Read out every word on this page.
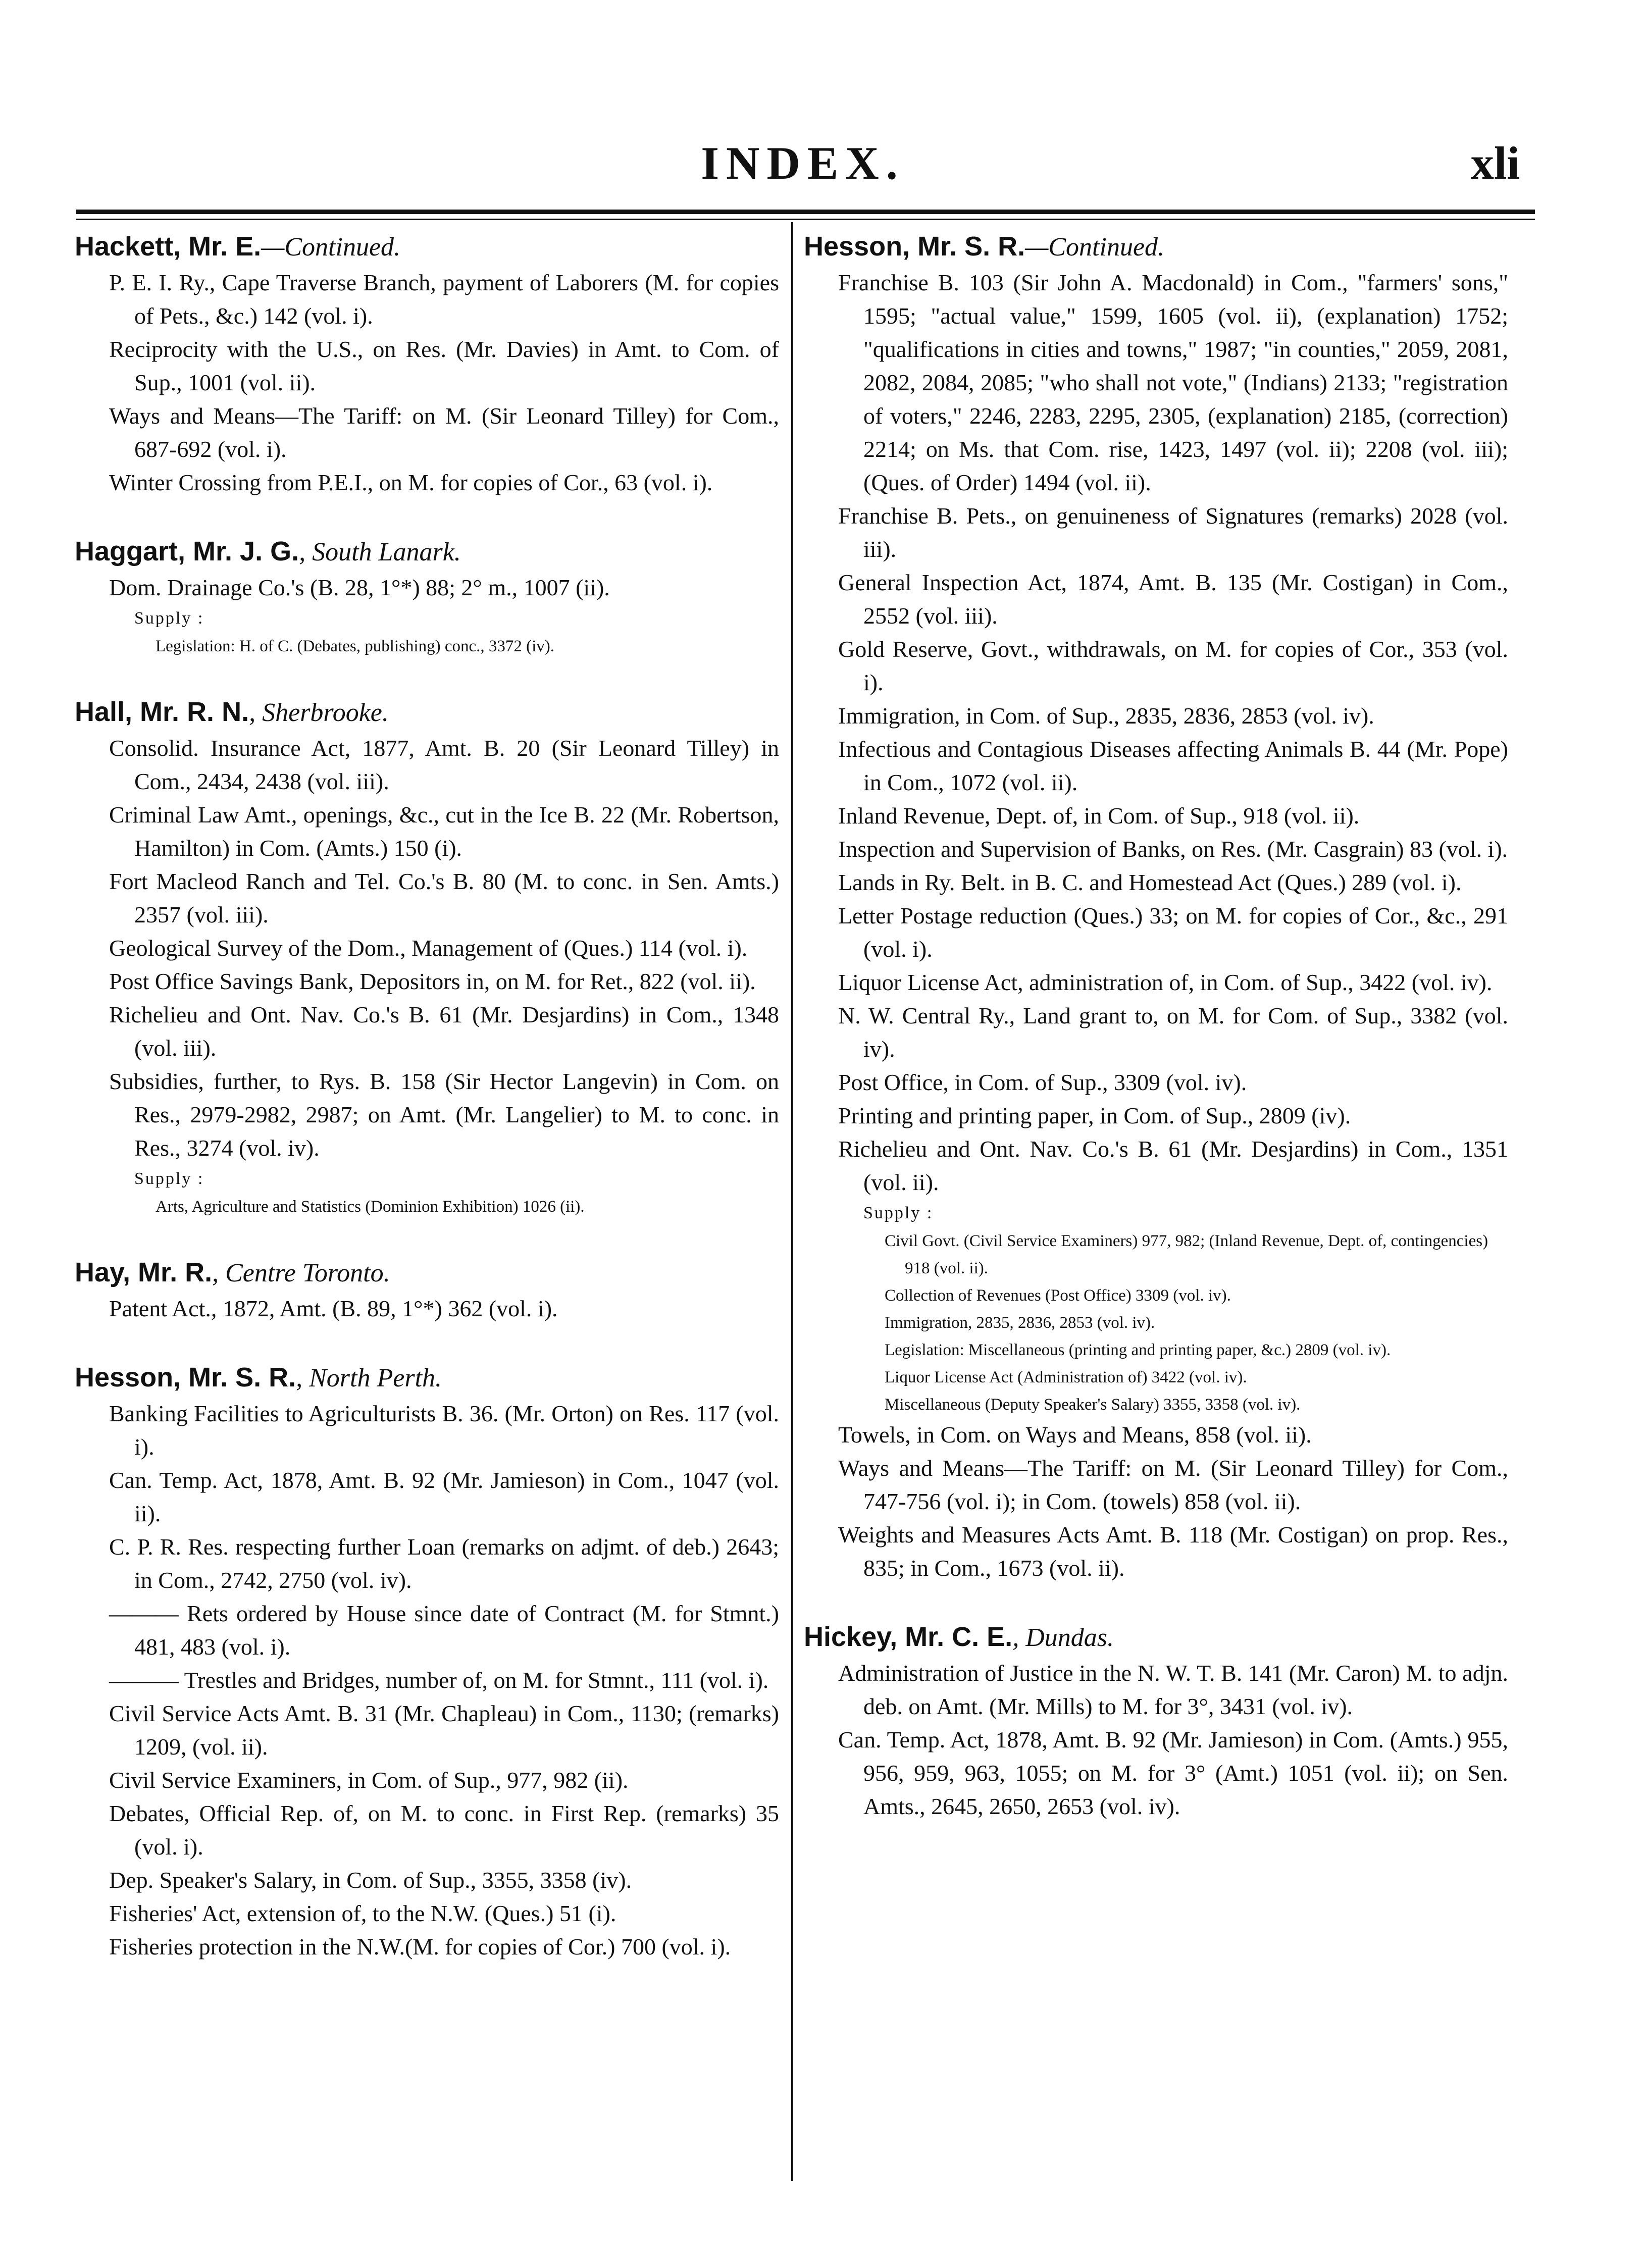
INDEX.	xli
Hackett, Mr. E.—Continued.
P. E. I. Ry., Cape Traverse Branch, payment of Laborers (M. for copies of Pets., &c.) 142 (vol. i).
Reciprocity with the U.S., on Res. (Mr. Davies) in Amt. to Com. of Sup., 1001 (vol. ii).
Ways and Means—The Tariff: on M. (Sir Leonard Tilley) for Com., 687-692 (vol. i).
Winter Crossing from P.E.I., on M. for copies of Cor., 63 (vol. i).
Haggart, Mr. J. G., South Lanark.
Dom. Drainage Co.'s (B. 28, 1°*) 88; 2° m., 1007 (ii).
Supply :
Legislation: H. of C. (Debates, publishing) conc., 3372 (iv).
Hall, Mr. R. N., Sherbrooke.
Consolid. Insurance Act, 1877, Amt. B. 20 (Sir Leonard Tilley) in Com., 2434, 2438 (vol. iii).
Criminal Law Amt., openings, &c., cut in the Ice B. 22 (Mr. Robertson, Hamilton) in Com. (Amts.) 150 (i).
Fort Macleod Ranch and Tel. Co.'s B. 80 (M. to conc. in Sen. Amts.) 2357 (vol. iii).
Geological Survey of the Dom., Management of (Ques.) 114 (vol. i).
Post Office Savings Bank, Depositors in, on M. for Ret., 822 (vol. ii).
Richelieu and Ont. Nav. Co.'s B. 61 (Mr. Desjardins) in Com., 1348 (vol. iii).
Subsidies, further, to Rys. B. 158 (Sir Hector Langevin) in Com. on Res., 2979-2982, 2987; on Amt. (Mr. Langelier) to M. to conc. in Res., 3274 (vol. iv).
Supply :
Arts, Agriculture and Statistics (Dominion Exhibition) 1026 (ii).
Hay, Mr. R., Centre Toronto.
Patent Act., 1872, Amt. (B. 89, 1°*) 362 (vol. i).
Hesson, Mr. S. R., North Perth.
Banking Facilities to Agriculturists B. 36. (Mr. Orton) on Res. 117 (vol. i).
Can. Temp. Act, 1878, Amt. B. 92 (Mr. Jamieson) in Com., 1047 (vol. ii).
C. P. R. Res. respecting further Loan (remarks on adjmt. of deb.) 2643; in Com., 2742, 2750 (vol. iv).
——— Rets ordered by House since date of Contract (M. for Stmnt.) 481, 483 (vol. i).
——— Trestles and Bridges, number of, on M. for Stmnt., 111 (vol. i).
Civil Service Acts Amt. B. 31 (Mr. Chapleau) in Com., 1130; (remarks) 1209, (vol. ii).
Civil Service Examiners, in Com. of Sup., 977, 982 (ii).
Debates, Official Rep. of, on M. to conc. in First Rep. (remarks) 35 (vol. i).
Dep. Speaker's Salary, in Com. of Sup., 3355, 3358 (iv).
Fisheries' Act, extension of, to the N.W. (Ques.) 51 (i).
Fisheries protection in the N.W.(M. for copies of Cor.) 700 (vol. i).
Hesson, Mr. S. R.—Continued.
Franchise B. 103 (Sir John A. Macdonald) in Com., "farmers' sons," 1595; "actual value," 1599, 1605 (vol. ii), (explanation) 1752; "qualifications in cities and towns," 1987; "in counties," 2059, 2081, 2082, 2084, 2085; "who shall not vote," (Indians) 2133; "registration of voters," 2246, 2283, 2295, 2305, (explanation) 2185, (correction) 2214; on Ms. that Com. rise, 1423, 1497 (vol. ii); 2208 (vol. iii); (Ques. of Order) 1494 (vol. ii).
Franchise B. Pets., on genuineness of Signatures (remarks) 2028 (vol. iii).
General Inspection Act, 1874, Amt. B. 135 (Mr. Costigan) in Com., 2552 (vol. iii).
Gold Reserve, Govt., withdrawals, on M. for copies of Cor., 353 (vol. i).
Immigration, in Com. of Sup., 2835, 2836, 2853 (vol. iv).
Infectious and Contagious Diseases affecting Animals B. 44 (Mr. Pope) in Com., 1072 (vol. ii).
Inland Revenue, Dept. of, in Com. of Sup., 918 (vol. ii).
Inspection and Supervision of Banks, on Res. (Mr. Casgrain) 83 (vol. i).
Lands in Ry. Belt. in B. C. and Homestead Act (Ques.) 289 (vol. i).
Letter Postage reduction (Ques.) 33; on M. for copies of Cor., &c., 291 (vol. i).
Liquor License Act, administration of, in Com. of Sup., 3422 (vol. iv).
N. W. Central Ry., Land grant to, on M. for Com. of Sup., 3382 (vol. iv).
Post Office, in Com. of Sup., 3309 (vol. iv).
Printing and printing paper, in Com. of Sup., 2809 (iv).
Richelieu and Ont. Nav. Co.'s B. 61 (Mr. Desjardins) in Com., 1351 (vol. ii).
Supply :
Civil Govt. (Civil Service Examiners) 977, 982; (Inland Revenue, Dept. of, contingencies) 918 (vol. ii).
Collection of Revenues (Post Office) 3309 (vol. iv).
Immigration, 2835, 2836, 2853 (vol. iv).
Legislation: Miscellaneous (printing and printing paper, &c.) 2809 (vol. iv).
Liquor License Act (Administration of) 3422 (vol. iv).
Miscellaneous (Deputy Speaker's Salary) 3355, 3358 (vol. iv).
Towels, in Com. on Ways and Means, 858 (vol. ii).
Ways and Means—The Tariff: on M. (Sir Leonard Tilley) for Com., 747-756 (vol. i); in Com. (towels) 858 (vol. ii).
Weights and Measures Acts Amt. B. 118 (Mr. Costigan) on prop. Res., 835; in Com., 1673 (vol. ii).
Hickey, Mr. C. E., Dundas.
Administration of Justice in the N. W. T. B. 141 (Mr. Caron) M. to adjn. deb. on Amt. (Mr. Mills) to M. for 3°, 3431 (vol. iv).
Can. Temp. Act, 1878, Amt. B. 92 (Mr. Jamieson) in Com. (Amts.) 955, 956, 959, 963, 1055; on M. for 3° (Amt.) 1051 (vol. ii); on Sen. Amts., 2645, 2650, 2653 (vol. iv).
